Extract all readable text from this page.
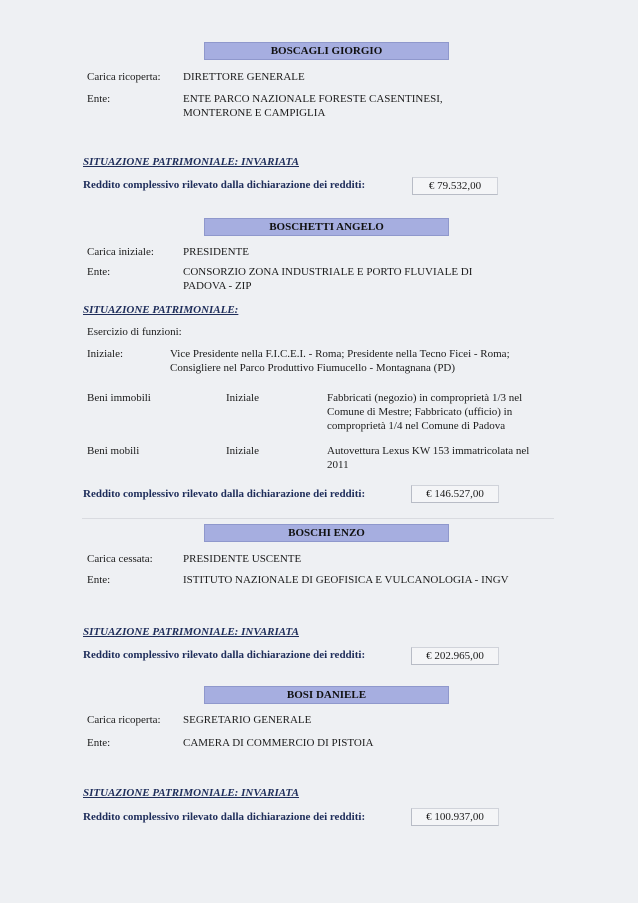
BOSCAGLI GIORGIO
Carica ricoperta: DIRETTORE GENERALE
Ente:	ENTE PARCO NAZIONALE FORESTE CASENTINESI,
MONTERONE E CAMPIGLIA
SITUAZIONE PATRIMONIALE: INVARIATA
Reddito complessivo rilevato dalla dichiarazione dei redditi:	€ 79.532,00
BOSCHETTI ANGELO
Carica iniziale:	PRESIDENTE
Ente:	CONSORZIO ZONA INDUSTRIALE E PORTO FLUVIALE DI
PADOVA - ZIP
SITUAZIONE PATRIMONIALE:
Esercizio di funzioni:
Iniziale:	Vice Presidente nella F.I.C.E.I. - Roma; Presidente nella Tecno Ficei - Roma;
Consigliere nel Parco Produttivo Fiumucello - Montagnana (PD)
Beni immobili	Iniziale	Fabbricati (negozio) in comproprietà 1/3 nel
Comune di Mestre; Fabbricato (ufficio) in
comproprietà 1/4 nel Comune di Padova
Beni mobili	Iniziale	Autovettura Lexus KW 153 immatricolata nel
2011
Reddito complessivo rilevato dalla dichiarazione dei redditi:	€ 146.527,00
BOSCHI ENZO
Carica cessata:	PRESIDENTE USCENTE
Ente:	ISTITUTO NAZIONALE DI GEOFISICA E VULCANOLOGIA - INGV
SITUAZIONE PATRIMONIALE: INVARIATA
Reddito complessivo rilevato dalla dichiarazione dei redditi:	€ 202.965,00
BOSI DANIELE
Carica ricoperta: SEGRETARIO GENERALE
Ente:	CAMERA DI COMMERCIO DI PISTOIA
SITUAZIONE PATRIMONIALE: INVARIATA
Reddito complessivo rilevato dalla dichiarazione dei redditi:	€ 100.937,00
